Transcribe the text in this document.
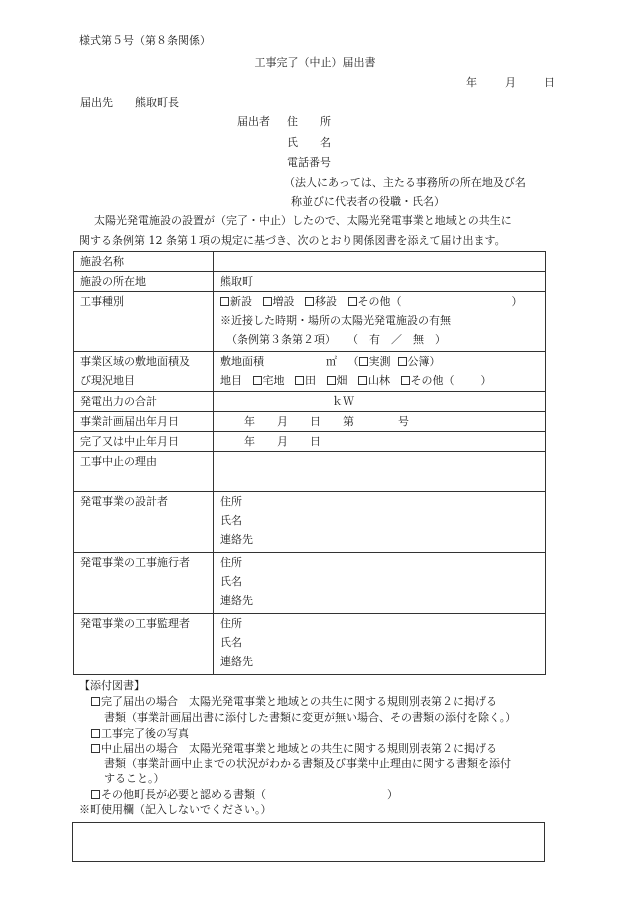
様式第５号（第８条関係）
工事完了（中止）届出書
年	月	日
届出先 熊取町長
届出者 住　　所
氏　　名
電話番号
（法人にあっては、主たる事務所の所在地及び名
称並びに代表者の役職・氏名）
太陽光発電施設の設置が（完了・中止）したので、太陽光発電事業と地域との共生に
関する条例第 12 条第１項の規定に基づき、次のとおり関係図書を添えて届け出ます。
施設名称	
施設の所在地	熊取町
工事種別	新設 増設 移設 その他（ ）
※近接した時期・場所の太陽光発電施設の有無
（条例第３条第２項）　　（　有　／　無　）

事業区域の敷地面積及
び現況地目	敷地面積 ㎡ （ 実測 公簿）
地目 宅地 田 畑 山林 その他（ ）

発電出力の合計	ｋＷ
事業計画届出年月日	年　　月　　日　　第　　　　号
完了又は中止年月日	年　　月　　日
工事中止の理由	
発電事業の設計者	住所
氏名
連絡先

発電事業の工事施行者	住所
氏名
連絡先

発電事業の工事監理者	住所
氏名
連絡先
【添付図書】
完了届出の場合　太陽光発電事業と地域との共生に関する規則別表第２に掲げる
書類（事業計画届出書に添付した書類に変更が無い場合、その書類の添付を除く。）
工事完了後の写真
中止届出の場合　太陽光発電事業と地域との共生に関する規則別表第２に掲げる
書類（事業計画中止までの状況がわかる書類及び事業中止理由に関する書類を添付
すること。）
その他町長が必要と認める書類（　　　　　　　　　　　）
※町使用欄（記入しないでください。）
